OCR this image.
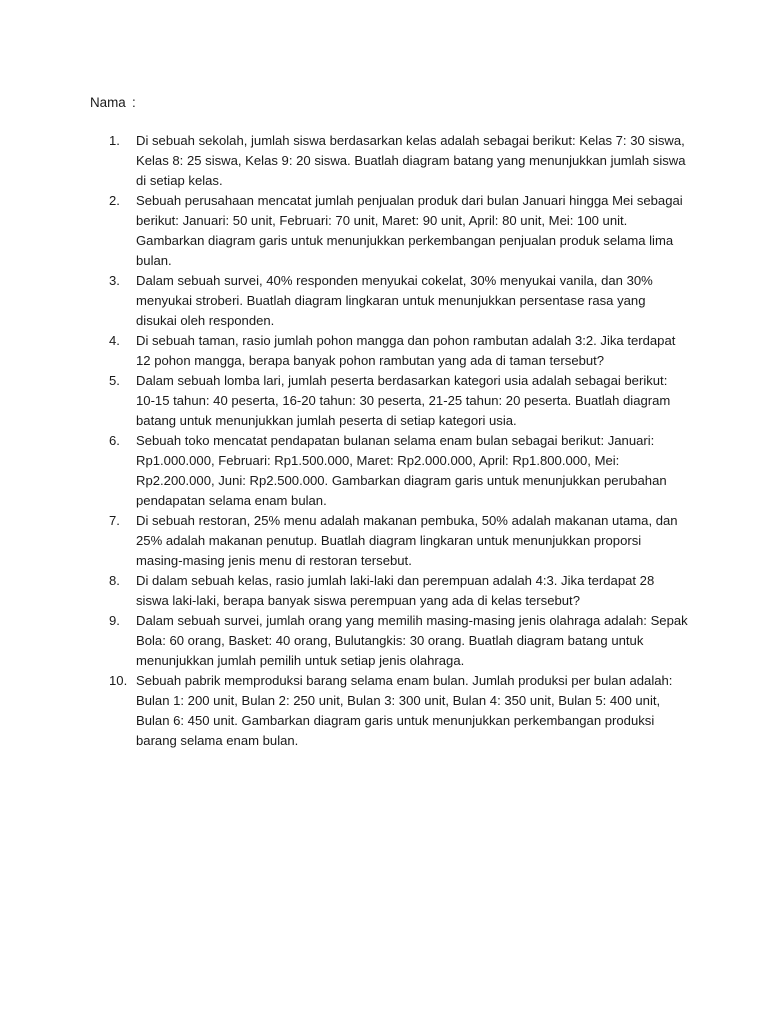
Nama :
1.	Di sebuah sekolah, jumlah siswa berdasarkan kelas adalah sebagai berikut: Kelas 7: 30 siswa, Kelas 8: 25 siswa, Kelas 9: 20 siswa. Buatlah diagram batang yang menunjukkan jumlah siswa di setiap kelas.
2.	Sebuah perusahaan mencatat jumlah penjualan produk dari bulan Januari hingga Mei sebagai berikut: Januari: 50 unit, Februari: 70 unit, Maret: 90 unit, April: 80 unit, Mei: 100 unit. Gambarkan diagram garis untuk menunjukkan perkembangan penjualan produk selama lima bulan.
3.	Dalam sebuah survei, 40% responden menyukai cokelat, 30% menyukai vanila, dan 30% menyukai stroberi. Buatlah diagram lingkaran untuk menunjukkan persentase rasa yang disukai oleh responden.
4.	Di sebuah taman, rasio jumlah pohon mangga dan pohon rambutan adalah 3:2. Jika terdapat 12 pohon mangga, berapa banyak pohon rambutan yang ada di taman tersebut?
5.	Dalam sebuah lomba lari, jumlah peserta berdasarkan kategori usia adalah sebagai berikut: 10-15 tahun: 40 peserta, 16-20 tahun: 30 peserta, 21-25 tahun: 20 peserta. Buatlah diagram batang untuk menunjukkan jumlah peserta di setiap kategori usia.
6.	Sebuah toko mencatat pendapatan bulanan selama enam bulan sebagai berikut: Januari: Rp1.000.000, Februari: Rp1.500.000, Maret: Rp2.000.000, April: Rp1.800.000, Mei: Rp2.200.000, Juni: Rp2.500.000. Gambarkan diagram garis untuk menunjukkan perubahan pendapatan selama enam bulan.
7.	Di sebuah restoran, 25% menu adalah makanan pembuka, 50% adalah makanan utama, dan 25% adalah makanan penutup. Buatlah diagram lingkaran untuk menunjukkan proporsi masing-masing jenis menu di restoran tersebut.
8.	Di dalam sebuah kelas, rasio jumlah laki-laki dan perempuan adalah 4:3. Jika terdapat 28 siswa laki-laki, berapa banyak siswa perempuan yang ada di kelas tersebut?
9.	Dalam sebuah survei, jumlah orang yang memilih masing-masing jenis olahraga adalah: Sepak Bola: 60 orang, Basket: 40 orang, Bulutangkis: 30 orang. Buatlah diagram batang untuk menunjukkan jumlah pemilih untuk setiap jenis olahraga.
10. Sebuah pabrik memproduksi barang selama enam bulan. Jumlah produksi per bulan adalah: Bulan 1: 200 unit, Bulan 2: 250 unit, Bulan 3: 300 unit, Bulan 4: 350 unit, Bulan 5: 400 unit, Bulan 6: 450 unit. Gambarkan diagram garis untuk menunjukkan perkembangan produksi barang selama enam bulan.
